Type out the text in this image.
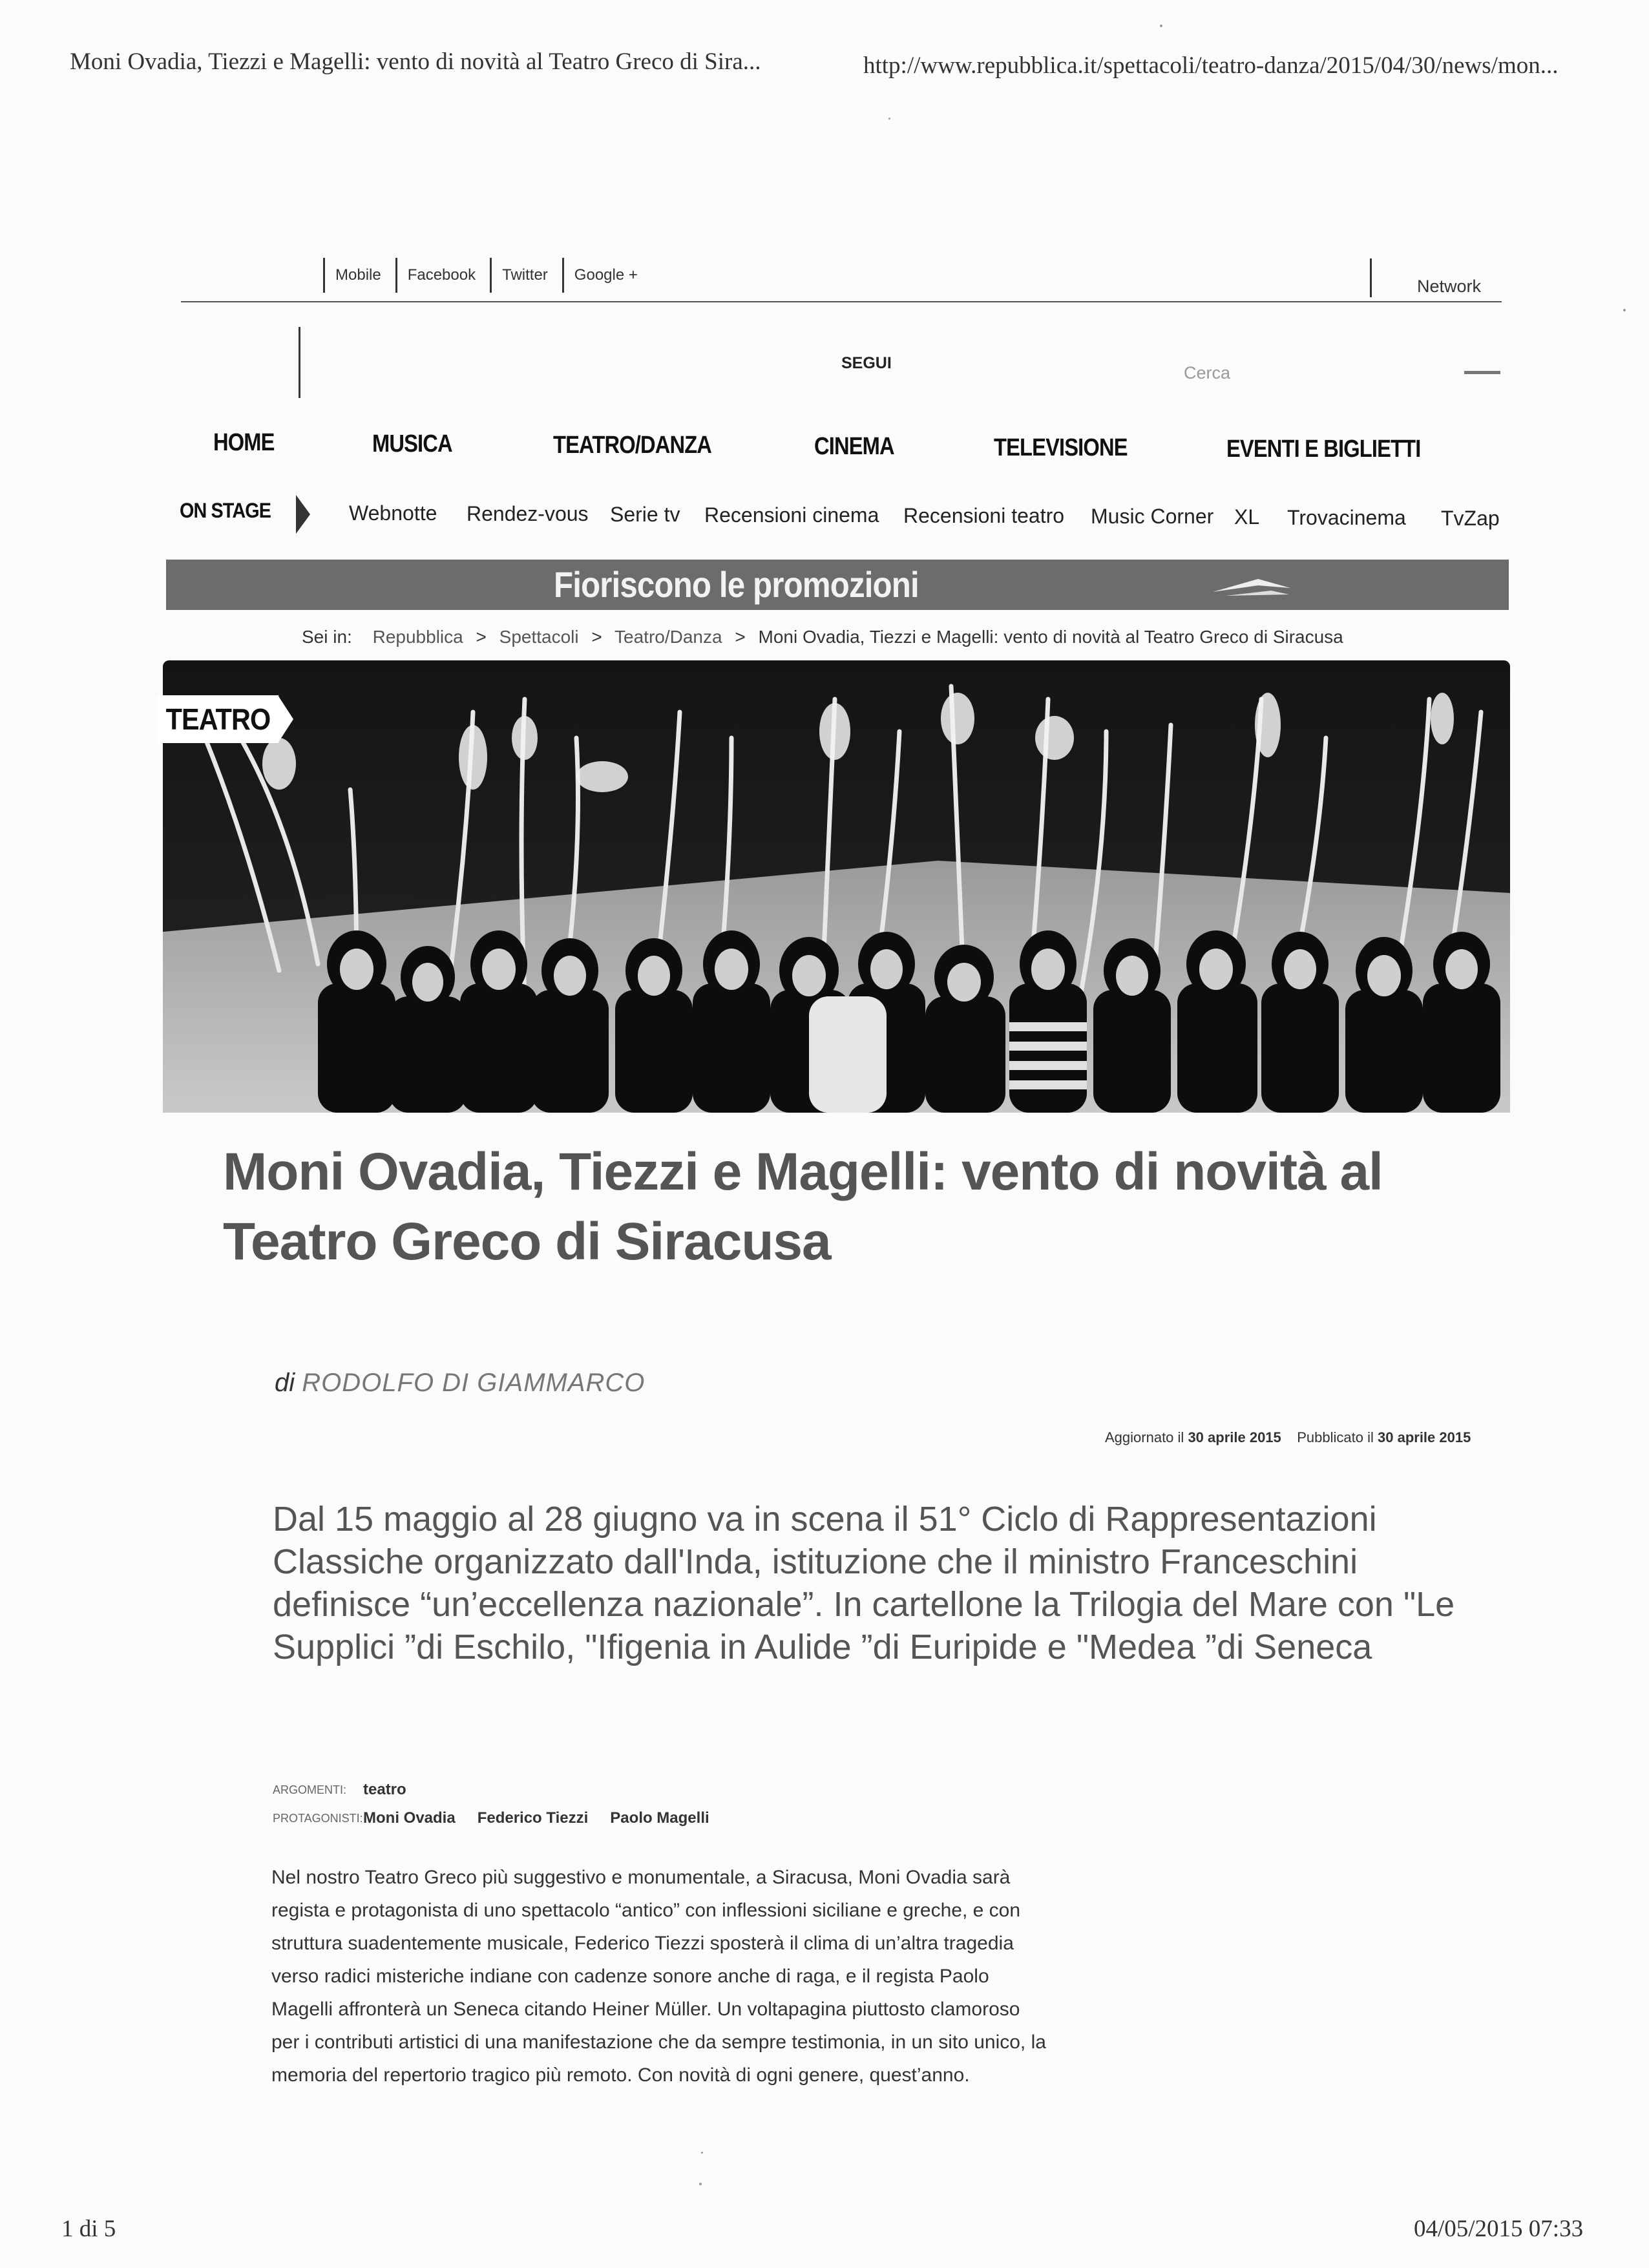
Moni Ovadia, Tiezzi e Magelli: vento di novità al Teatro Greco di Sira...	http://www.repubblica.it/spettacoli/teatro-danza/2015/04/30/news/mon...
Mobile	Facebook	Twitter	Google +
Network
SEGUI
Cerca
HOME	MUSICA	TEATRO/DANZA	CINEMA	TELEVISIONE	EVENTI E BIGLIETTI
ON STAGE	Webnotte Rendez-vous Serie tv Recensioni cinema Recensioni teatro Music Corner XL Trovacinema TvZap
Fioriscono le promozioni
Sei in: Repubblica > Spettacoli > Teatro/Danza > Moni Ovadia, Tiezzi e Magelli: vento di novità al Teatro Greco di Siracusa
TEATRO
Moni Ovadia, Tiezzi e Magelli: vento di novità al Teatro Greco di Siracusa
di RODOLFO DI GIAMMARCO
Aggiornato il 30 aprile 2015 Pubblicato il 30 aprile 2015
Dal 15 maggio al 28 giugno va in scena il 51° Ciclo di Rappresentazioni Classiche organizzato dall'Inda, istituzione che il ministro Franceschini definisce “un’eccellenza nazionale”. In cartellone la Trilogia del Mare con "Le Supplici ”di Eschilo, "Ifigenia in Aulide ”di Euripide e "Medea ”di Seneca
ARGOMENTI:	teatro
PROTAGONISTI: Moni Ovadia Federico Tiezzi Paolo Magelli
Nel nostro Teatro Greco più suggestivo e monumentale, a Siracusa, Moni Ovadia sarà regista e protagonista di uno spettacolo “antico” con inflessioni siciliane e greche, e con struttura suadentemente musicale, Federico Tiezzi sposterà il clima di un’altra tragedia verso radici misteriche indiane con cadenze sonore anche di raga, e il regista Paolo Magelli affronterà un Seneca citando Heiner Müller. Un voltapagina piuttosto clamoroso per i contributi artistici di una manifestazione che da sempre testimonia, in un sito unico, la memoria del repertorio tragico più remoto. Con novità di ogni genere, quest’anno.
1 di 5	04/05/2015 07:33
